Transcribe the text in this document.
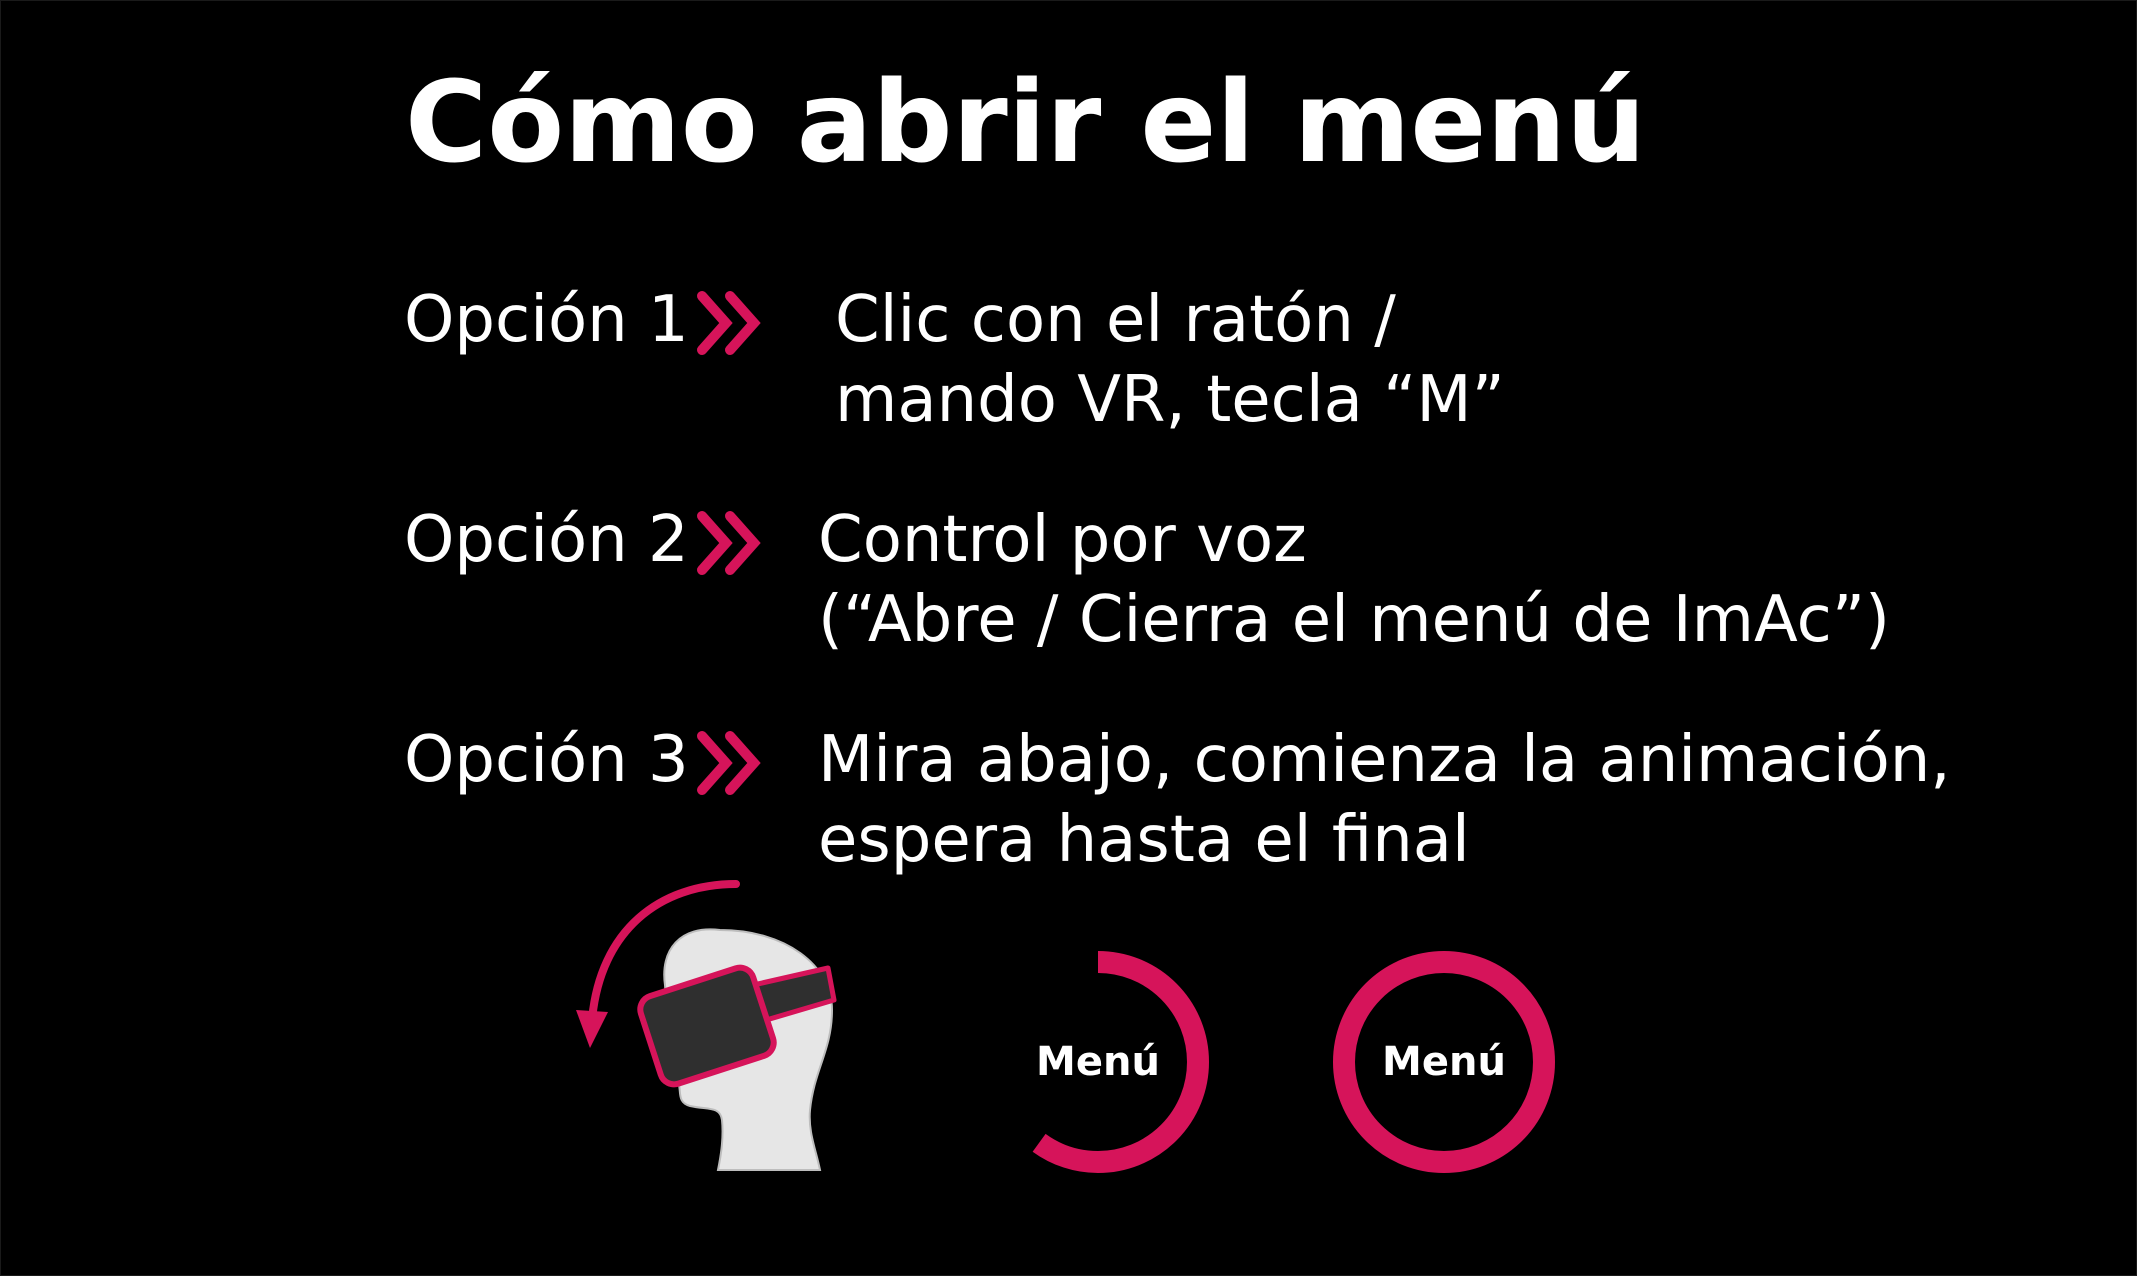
Cómo abrir el menú
Opción 1 Clic con el ratón /
mando VR, tecla “M”
Opción 2 Control por voz
(“Abre / Cierra el menú de ImAc”)
Opción 3 Mira abajo, comienza la animación,
espera hasta el final
Menú	Menú
